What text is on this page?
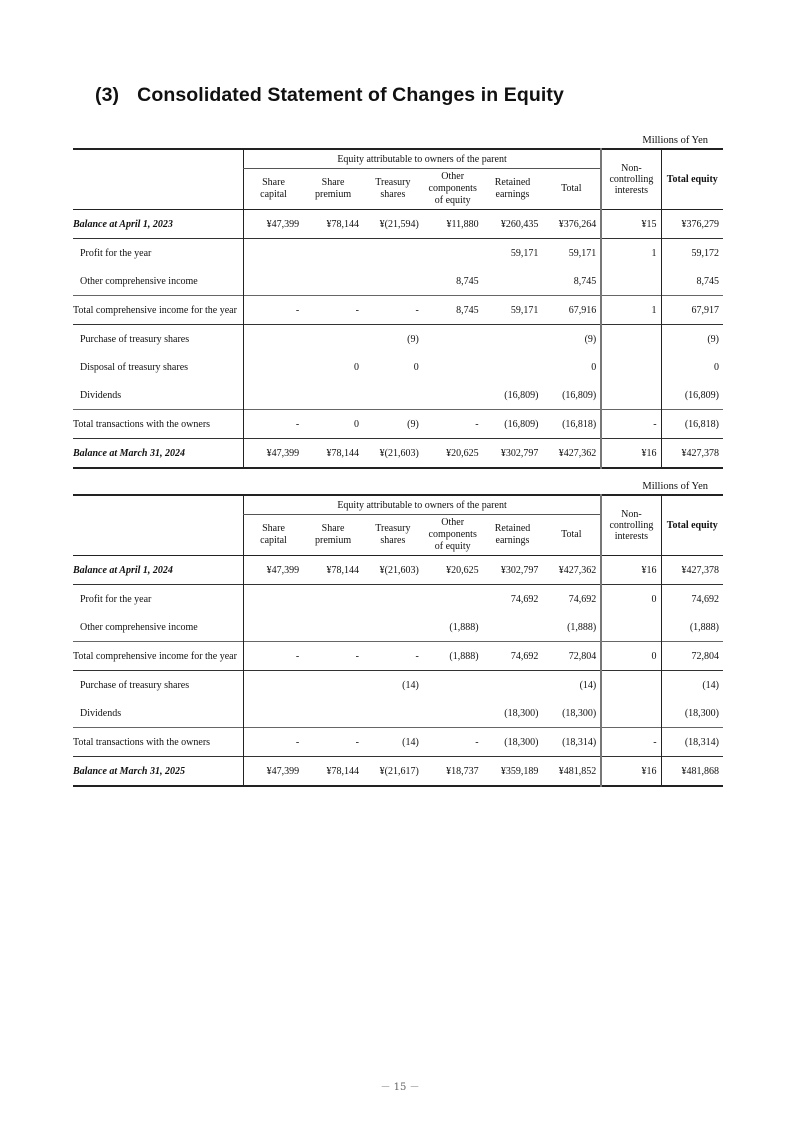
(3) Consolidated Statement of Changes in Equity
Millions of Yen
	Equity attributable to owners of the parent						Non-
controlling
interests	Total equity
	Share
capital	Share
premium	Treasury
shares	Other
components
of equity	Retained
earnings	Total		
Balance at April 1, 2023	¥47,399	¥78,144	¥(21,594)	¥11,880	¥260,435	¥376,264	¥15	¥376,279
Profit for the year					59,171	59,171	1	59,172
Other comprehensive income				8,745		8,745		8,745
Total comprehensive income for the year	-	-	-	8,745	59,171	67,916	1	67,917
Purchase of treasury shares			(9)			(9)		(9)
Disposal of treasury shares		0	0			0		0
Dividends					(16,809)	(16,809)		(16,809)
Total transactions with the owners	-	0	(9)	-	(16,809)	(16,818)	-	(16,818)
Balance at March 31, 2024	¥47,399	¥78,144	¥(21,603)	¥20,625	¥302,797	¥427,362	¥16	¥427,378
Millions of Yen
	Equity attributable to owners of the parent						Non-
controlling
interests	Total equity
	Share
capital	Share
premium	Treasury
shares	Other
components
of equity	Retained
earnings	Total		
Balance at April 1, 2024	¥47,399	¥78,144	¥(21,603)	¥20,625	¥302,797	¥427,362	¥16	¥427,378
Profit for the year					74,692	74,692	0	74,692
Other comprehensive income				(1,888)		(1,888)		(1,888)
Total comprehensive income for the year	-	-	-	(1,888)	74,692	72,804	0	72,804
Purchase of treasury shares			(14)			(14)		(14)
Dividends					(18,300)	(18,300)		(18,300)
Total transactions with the owners	-	-	(14)	-	(18,300)	(18,314)	-	(18,314)
Balance at March 31, 2025	¥47,399	¥78,144	¥(21,617)	¥18,737	¥359,189	¥481,852	¥16	¥481,868
－ 15 －
